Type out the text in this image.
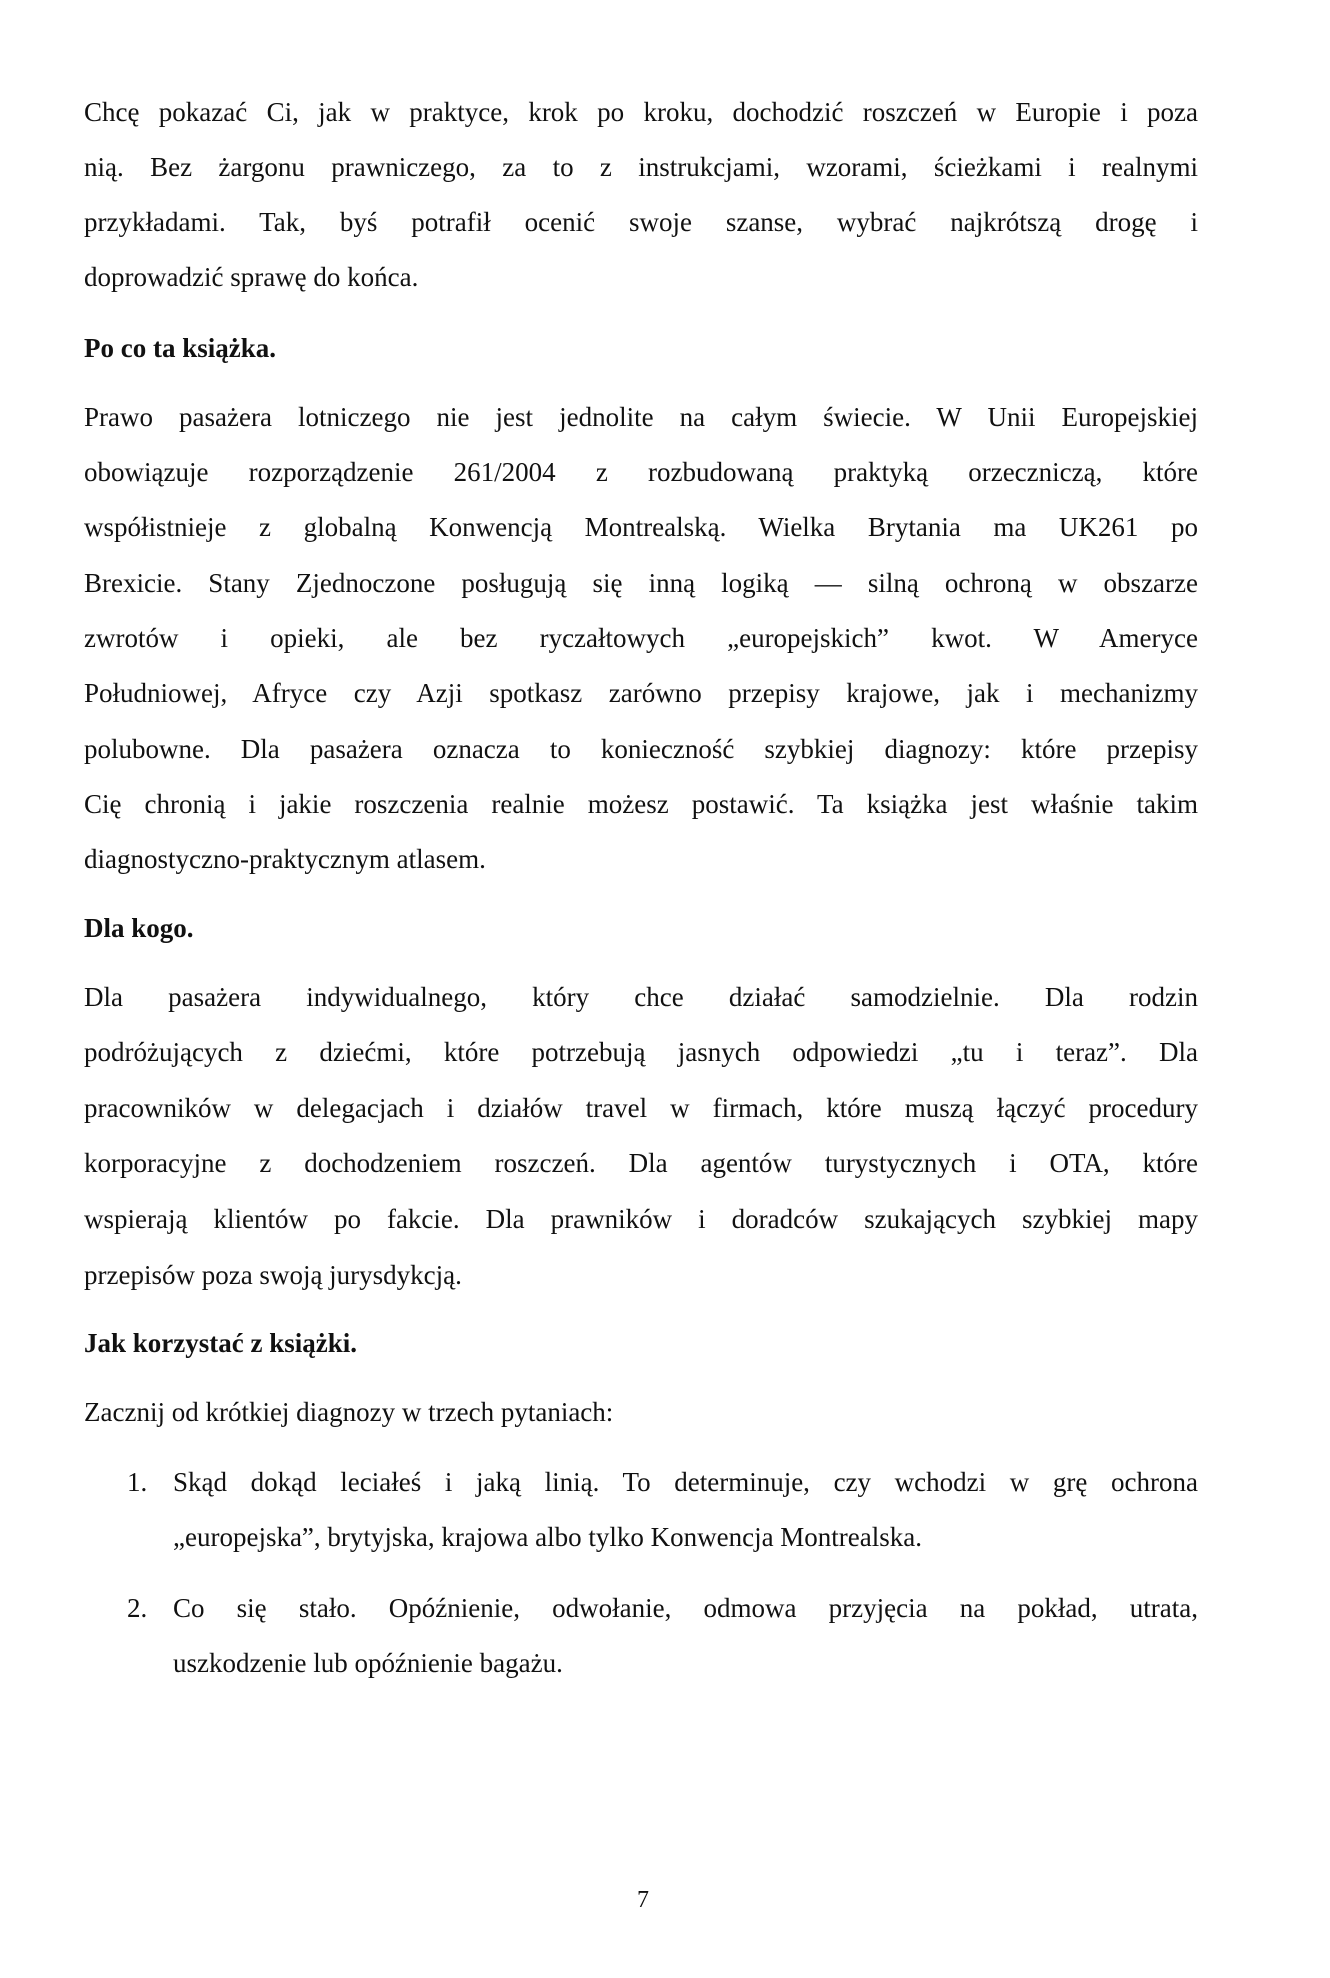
Chcę pokazać Ci, jak w praktyce, krok po kroku, dochodzić roszczeń w Europie i poza
nią. Bez żargonu prawniczego, za to z instrukcjami, wzorami, ścieżkami i realnymi
przykładami. Tak, byś potrafił ocenić swoje szanse, wybrać najkrótszą drogę i
doprowadzić sprawę do końca.
Po co ta książka.
Prawo pasażera lotniczego nie jest jednolite na całym świecie. W Unii Europejskiej
obowiązuje rozporządzenie 261/2004 z rozbudowaną praktyką orzeczniczą, które
współistnieje z globalną Konwencją Montrealską. Wielka Brytania ma UK261 po
Brexicie. Stany Zjednoczone posługują się inną logiką — silną ochroną w obszarze
zwrotów i opieki, ale bez ryczałtowych „europejskich” kwot. W Ameryce
Południowej, Afryce czy Azji spotkasz zarówno przepisy krajowe, jak i mechanizmy
polubowne. Dla pasażera oznacza to konieczność szybkiej diagnozy: które przepisy
Cię chronią i jakie roszczenia realnie możesz postawić. Ta książka jest właśnie takim
diagnostyczno-praktycznym atlasem.
Dla kogo.
Dla pasażera indywidualnego, który chce działać samodzielnie. Dla rodzin
podróżujących z dziećmi, które potrzebują jasnych odpowiedzi „tu i teraz”. Dla
pracowników w delegacjach i działów travel w firmach, które muszą łączyć procedury
korporacyjne z dochodzeniem roszczeń. Dla agentów turystycznych i OTA, które
wspierają klientów po fakcie. Dla prawników i doradców szukających szybkiej mapy
przepisów poza swoją jurysdykcją.
Jak korzystać z książki.
Zacznij od krótkiej diagnozy w trzech pytaniach:
1. Skąd dokąd leciałeś i jaką linią. To determinuje, czy wchodzi w grę ochrona
„europejska”, brytyjska, krajowa albo tylko Konwencja Montrealska.
2. Co się stało. Opóźnienie, odwołanie, odmowa przyjęcia na pokład, utrata,
uszkodzenie lub opóźnienie bagażu.
7
